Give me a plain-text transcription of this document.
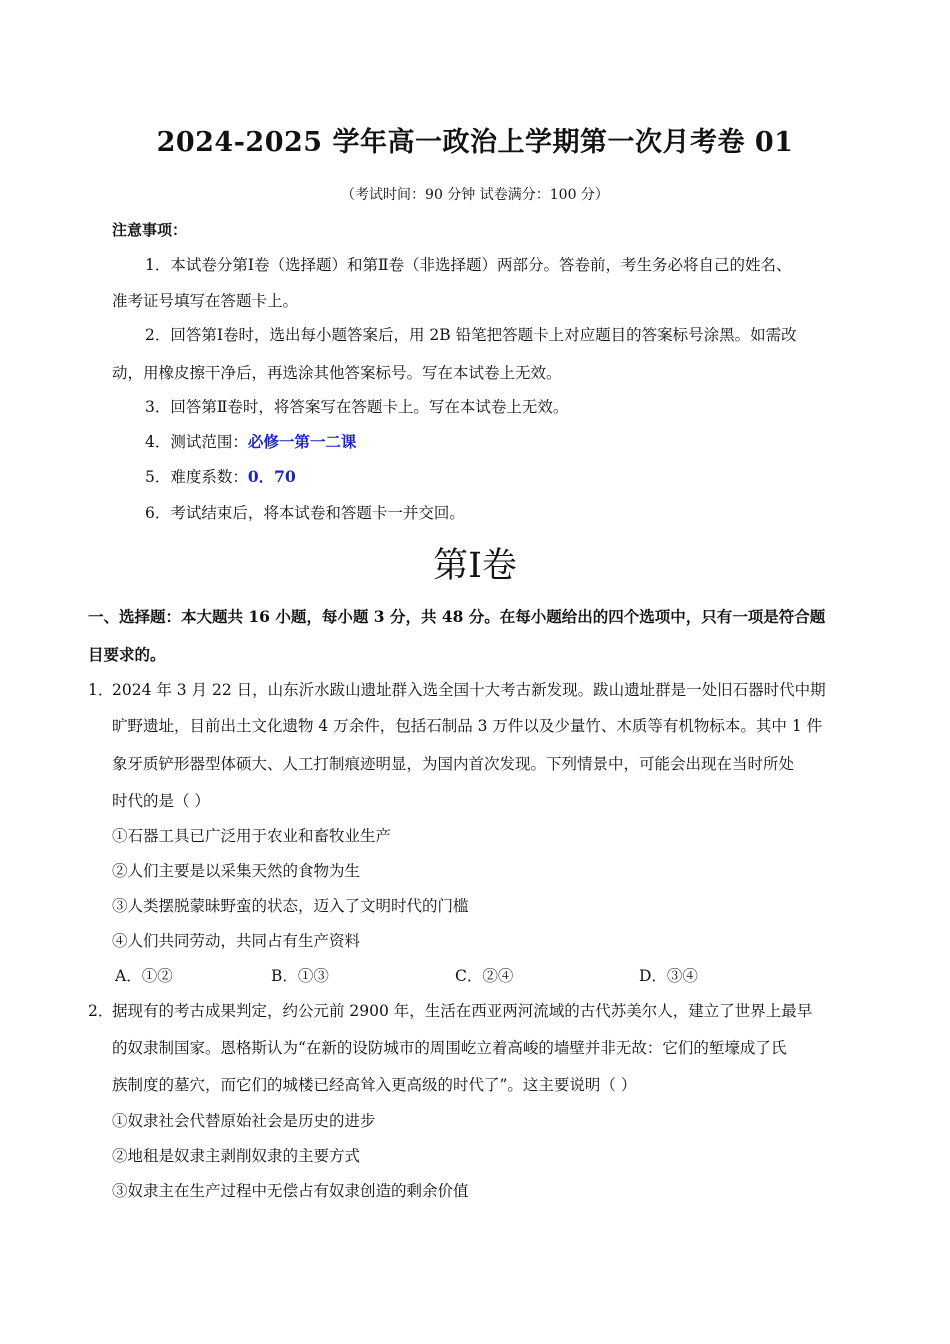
2024-2025 学年高一政治上学期第一次月考卷 01
（考试时间：90 分钟 试卷满分：100 分）
注意事项：
1．本试卷分第Ⅰ卷（选择题）和第Ⅱ卷（非选择题）两部分。答卷前，考生务必将自己的姓名、
准考证号填写在答题卡上。
2．回答第Ⅰ卷时，选出每小题答案后，用 2B 铅笔把答题卡上对应题目的答案标号涂黑。如需改
动，用橡皮擦干净后，再选涂其他答案标号。写在本试卷上无效。
3．回答第Ⅱ卷时，将答案写在答题卡上。写在本试卷上无效。
4．测试范围：必修一第一二课
5．难度系数：0．70
6．考试结束后，将本试卷和答题卡一并交回。
第Ⅰ卷
一、选择题：本大题共 16 小题，每小题 3 分，共 48 分。在每小题给出的四个选项中，只有一项是符合题
目要求的。
1．
2024 年 3 月 22 日，山东沂水跋山遗址群入选全国十大考古新发现。跋山遗址群是一处旧石器时代中期
旷野遗址，目前出土文化遗物 4 万余件，包括石制品 3 万件以及少量竹、木质等有机物标本。其中 1 件
象牙质铲形器型体硕大、人工打制痕迹明显，为国内首次发现。下列情景中，可能会出现在当时所处
时代的是（ ）
①石器工具已广泛用于农业和畜牧业生产
②人们主要是以采集天然的食物为生
③人类摆脱蒙昧野蛮的状态，迈入了文明时代的门槛
④人们共同劳动，共同占有生产资料
A．①②	B．①③	C．②④	D．③④
2．
据现有的考古成果判定，约公元前 2900 年，生活在西亚两河流域的古代苏美尔人，建立了世界上最早
的奴隶制国家。恩格斯认为“在新的设防城市的周围屹立着高峻的墙壁并非无故：它们的堑壕成了氏
族制度的墓穴，而它们的城楼已经高耸入更高级的时代了”。这主要说明（ ）
①奴隶社会代替原始社会是历史的进步
②地租是奴隶主剥削奴隶的主要方式
③奴隶主在生产过程中无偿占有奴隶创造的剩余价值
